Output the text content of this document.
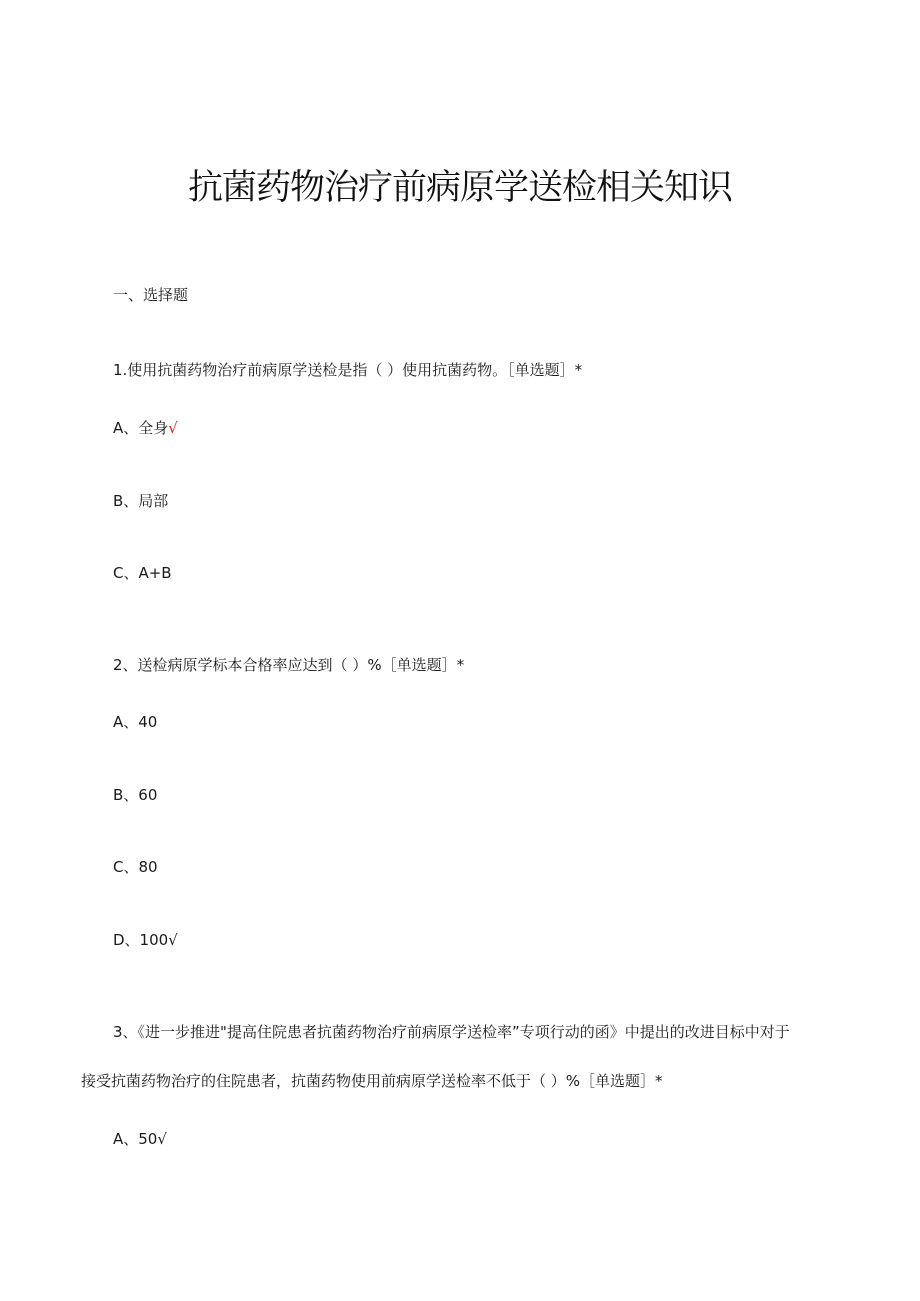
抗菌药物治疗前病原学送检相关知识
一、选择题
1.使用抗菌药物治疗前病原学送检是指（ ）使用抗菌药物。［单选题］*
A、全身√
B、局部
C、A+B
2、送检病原学标本合格率应达到（ ）%［单选题］*
A、40
B、60
C、80
D、100√
3、《进一步推进"提高住院患者抗菌药物治疗前病原学送检率”专项行动的函》中提出的改进目标中对于
接受抗菌药物治疗的住院患者，抗菌药物使用前病原学送检率不低于（ ）%［单选题］*
A、50√
